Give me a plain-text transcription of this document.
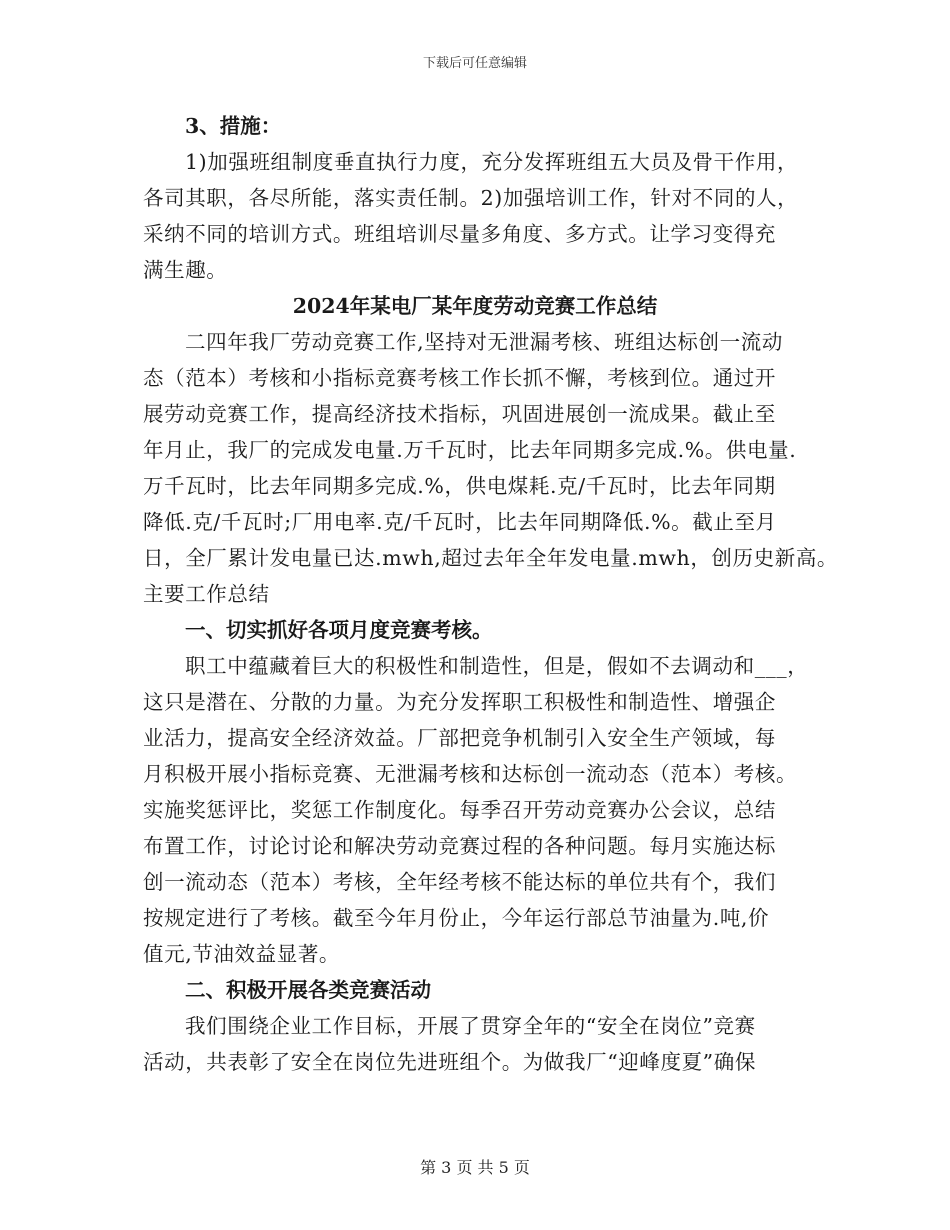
下载后可任意编辑
3、措施：
1)加强班组制度垂直执行力度，充分发挥班组五大员及骨干作用，
各司其职，各尽所能，落实责任制。2)加强培训工作，针对不同的人，
采纳不同的培训方式。班组培训尽量多角度、多方式。让学习变得充
满生趣。
2024年某电厂某年度劳动竞赛工作总结
二四年我厂劳动竞赛工作,坚持对无泄漏考核、班组达标创一流动
态（范本）考核和小指标竞赛考核工作长抓不懈，考核到位。通过开
展劳动竞赛工作，提高经济技术指标，巩固进展创一流成果。截止至
年月止，我厂的完成发电量.万千瓦时，比去年同期多完成.%。供电量.
万千瓦时，比去年同期多完成.%，供电煤耗.克/千瓦时，比去年同期
降低.克/千瓦时;厂用电率.克/千瓦时，比去年同期降低.%。截止至月
日，全厂累计发电量已达.mwh,超过去年全年发电量.mwh，创历史新高。
主要工作总结
一、切实抓好各项月度竞赛考核。
职工中蕴藏着巨大的积极性和制造性，但是，假如不去调动和___，
这只是潜在、分散的力量。为充分发挥职工积极性和制造性、增强企
业活力，提高安全经济效益。厂部把竞争机制引入安全生产领域，每
月积极开展小指标竞赛、无泄漏考核和达标创一流动态（范本）考核。
实施奖惩评比，奖惩工作制度化。每季召开劳动竞赛办公会议，总结
布置工作，讨论讨论和解决劳动竞赛过程的各种问题。每月实施达标
创一流动态（范本）考核，全年经考核不能达标的单位共有个，我们
按规定进行了考核。截至今年月份止，今年运行部总节油量为.吨,价
值元,节油效益显著。
二、积极开展各类竞赛活动
我们围绕企业工作目标，开展了贯穿全年的“安全在岗位”竞赛
活动，共表彰了安全在岗位先进班组个。为做我厂“迎峰度夏”确保
第 3 页 共 5 页
